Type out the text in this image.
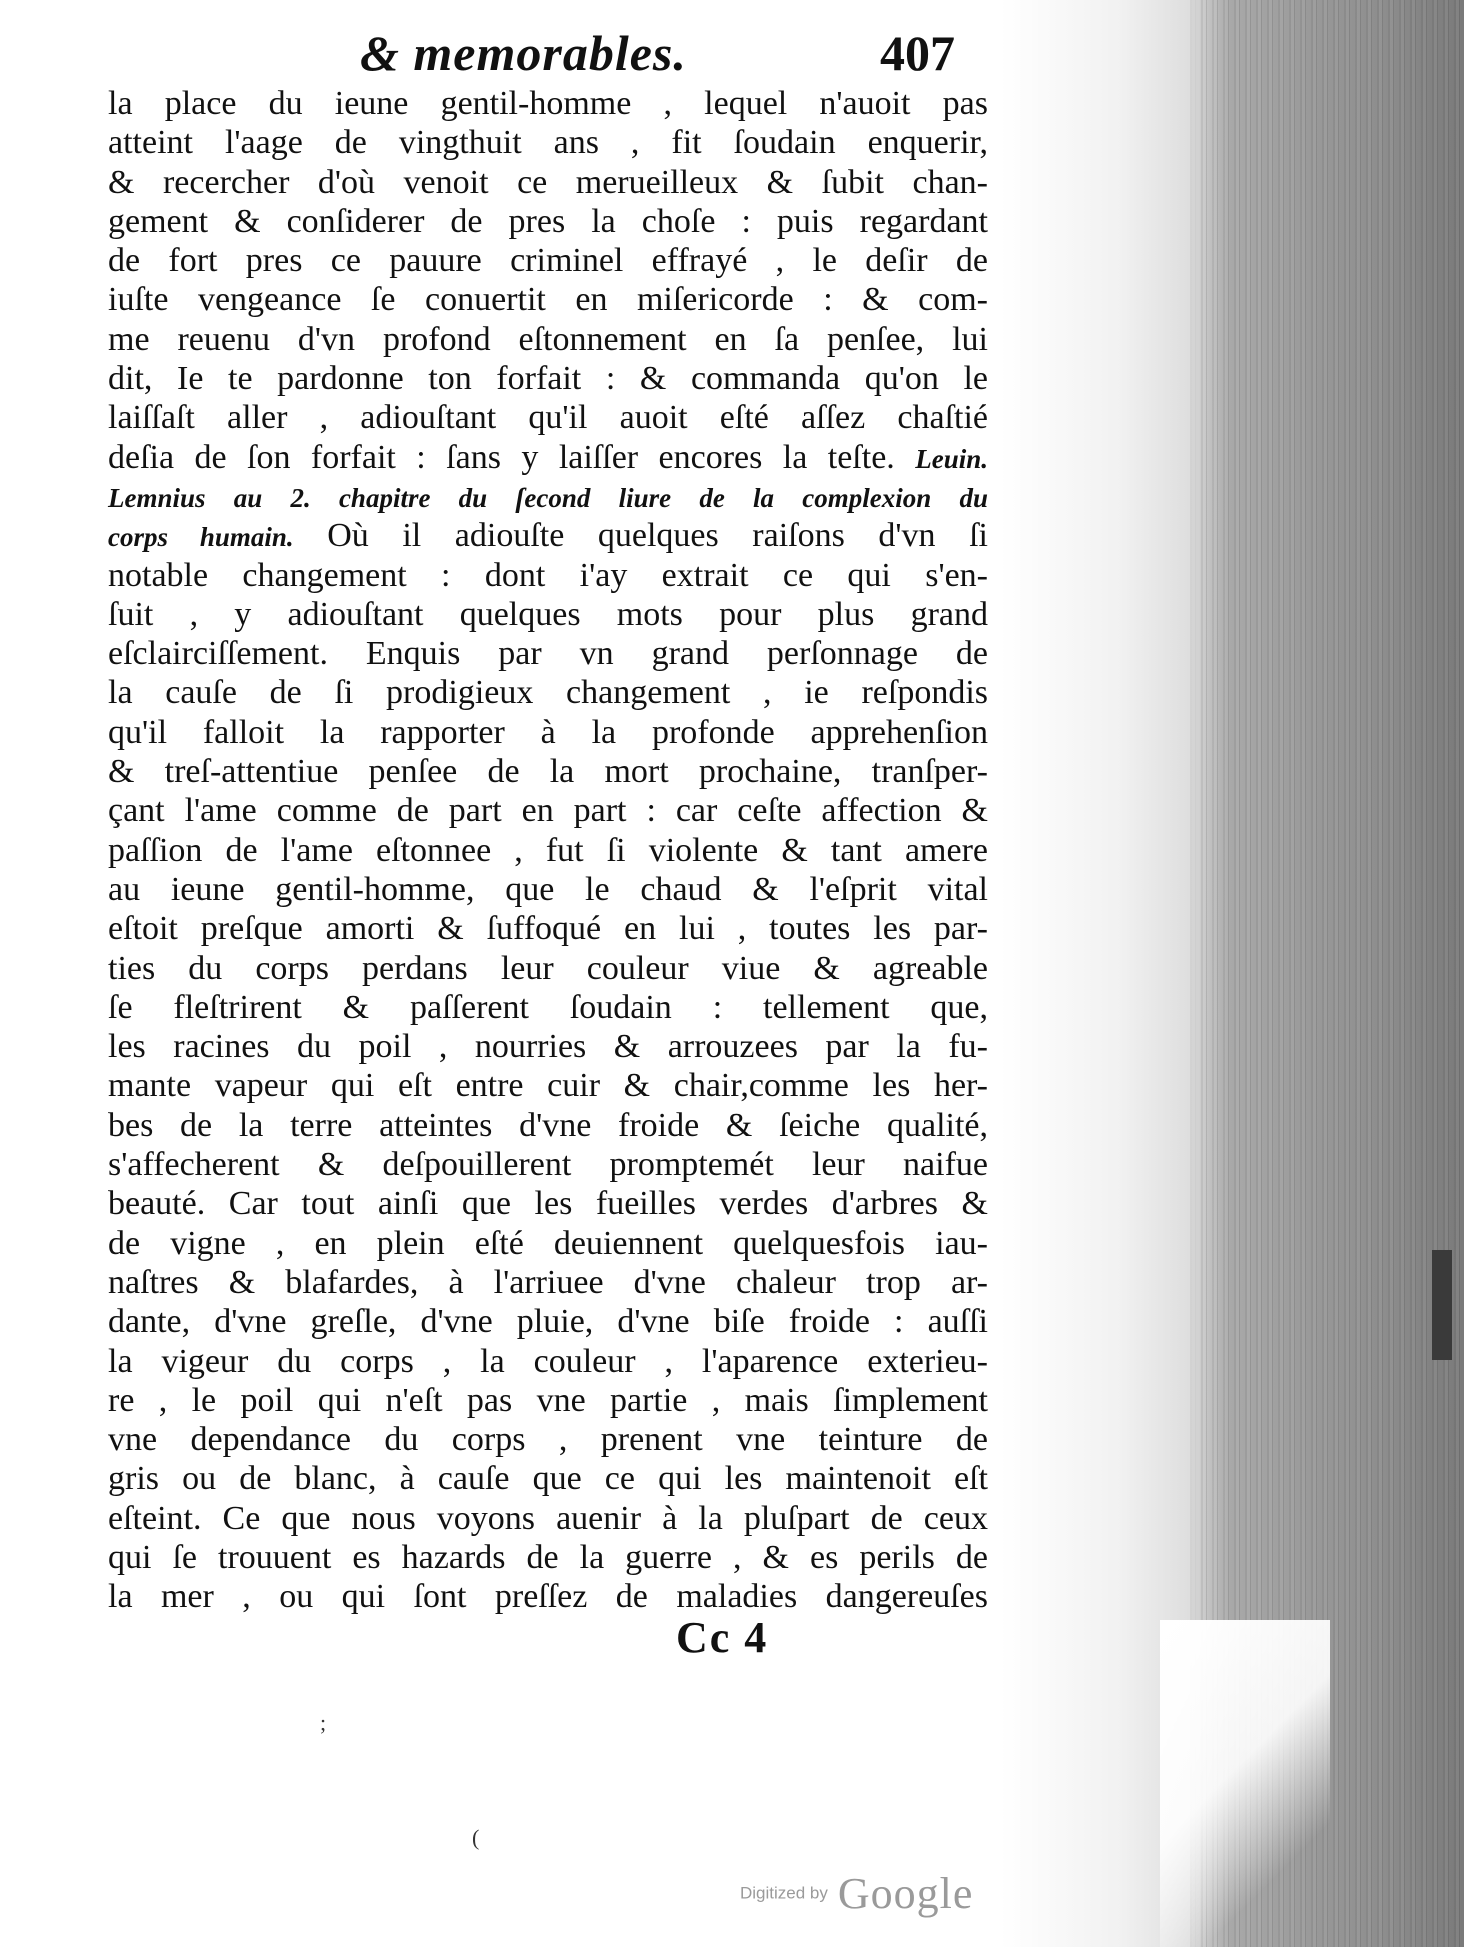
& memorables.	407
la place du ieune gentil-homme , lequel n'auoit pas
atteint l'aage de vingthuit ans , fit ſoudain enquerir,
& recercher d'où venoit ce merueilleux & ſubit chan-
gement & conſiderer de pres la choſe : puis regardant
de fort pres ce pauure criminel effrayé , le deſir de
iuſte vengeance ſe conuertit en miſericorde : & com-
me reuenu d'vn profond eſtonnement en ſa penſee, lui
dit, Ie te pardonne ton forfait : & commanda qu'on le
laiſſaſt aller , adiouſtant qu'il auoit eſté aſſez chaſtié
deſia de ſon forfait : ſans y laiſſer encores la teſte. Leuin.
Lemnius au 2. chapitre du ſecond liure de la complexion du
corps humain. Où il adiouſte quelques raiſons d'vn ſi
notable changement : dont i'ay extrait ce qui s'en-
ſuit , y adiouſtant quelques mots pour plus grand
eſclairciſſement. Enquis par vn grand perſonnage de
la cauſe de ſi prodigieux changement , ie reſpondis
qu'il falloit la rapporter à la profonde apprehenſion
& treſ-attentiue penſee de la mort prochaine, tranſper-
çant l'ame comme de part en part : car ceſte affection &
paſſion de l'ame eſtonnee , fut ſi violente & tant amere
au ieune gentil-homme, que le chaud & l'eſprit vital
eſtoit preſque amorti & ſuffoqué en lui , toutes les par-
ties du corps perdans leur couleur viue & agreable
ſe fleſtrirent & paſſerent ſoudain : tellement que,
les racines du poil , nourries & arrouzees par la fu-
mante vapeur qui eſt entre cuir & chair,comme les her-
bes de la terre atteintes d'vne froide & ſeiche qualité,
s'affecherent & deſpouillerent promptemét leur naifue
beauté. Car tout ainſi que les fueilles verdes d'arbres &
de vigne , en plein eſté deuiennent quelquesfois iau-
naſtres & blafardes, à l'arriuee d'vne chaleur trop ar-
dante, d'vne greſle, d'vne pluie, d'vne biſe froide : auſſi
la vigeur du corps , la couleur , l'aparence exterieu-
re , le poil qui n'eſt pas vne partie , mais ſimplement
vne dependance du corps , prenent vne teinture de
gris ou de blanc, à cauſe que ce qui les maintenoit eſt
eſteint. Ce que nous voyons auenir à la pluſpart de ceux
qui ſe trouuent es hazards de la guerre , & es perils de
la mer , ou qui ſont preſſez de maladies dangereuſes
Cc 4
;
(
Digitized by Google
